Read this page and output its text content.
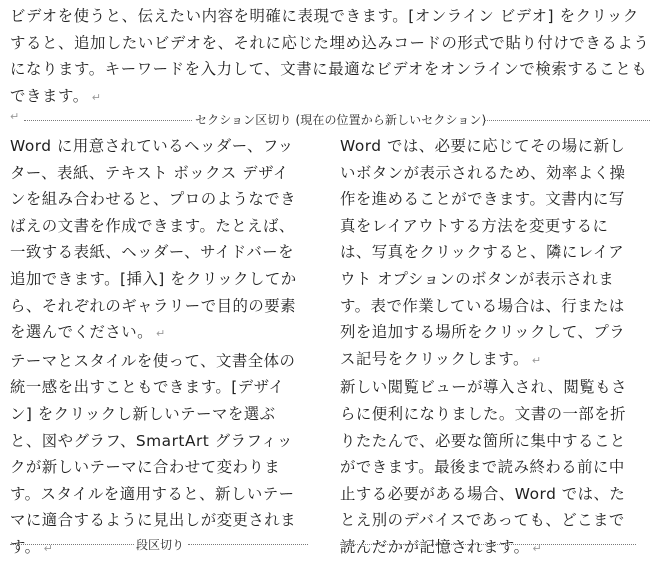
ビデオを使うと、伝えたい内容を明確に表現できます。[オンライン ビデオ] をクリックすると、追加したいビデオを、それに応じた埋め込みコードの形式で貼り付けできるようになります。キーワードを入力して、文書に最適なビデオをオンラインで検索することもできます。 ↵

↵	セクション区切り (現在の位置から新しいセクション)

Word に用意されているヘッダー、フッター、表紙、テキスト ボックス デザインを組み合わせると、プロのようなできばえの文書を作成できます。たとえば、一致する表紙、ヘッダー、サイドバーを追加できます。[挿入] をクリックしてから、それぞれのギャラリーで目的の要素を選んでください。 ↵

テーマとスタイルを使って、文書全体の統一感を出すこともできます。[デザイン] をクリックし新しいテーマを選ぶと、図やグラフ、SmartArt グラフィックが新しいテーマに合わせて変わります。スタイルを適用すると、新しいテーマに適合するように見出しが変更されます。 ↵

Word では、必要に応じてその場に新しいボタンが表示されるため、効率よく操作を進めることができます。文書内に写真をレイアウトする方法を変更するには、写真をクリックすると、隣にレイアウト オプションのボタンが表示されます。表で作業している場合は、行または列を追加する場所をクリックして、プラス記号をクリックします。 ↵

新しい閲覧ビューが導入され、閲覧もさらに便利になりました。文書の一部を折りたたんで、必要な箇所に集中することができます。最後まで読み終わる前に中止する必要がある場合、Word では、たとえ別のデバイスであっても、どこまで読んだかが記憶されます。 ↵

段区切り
